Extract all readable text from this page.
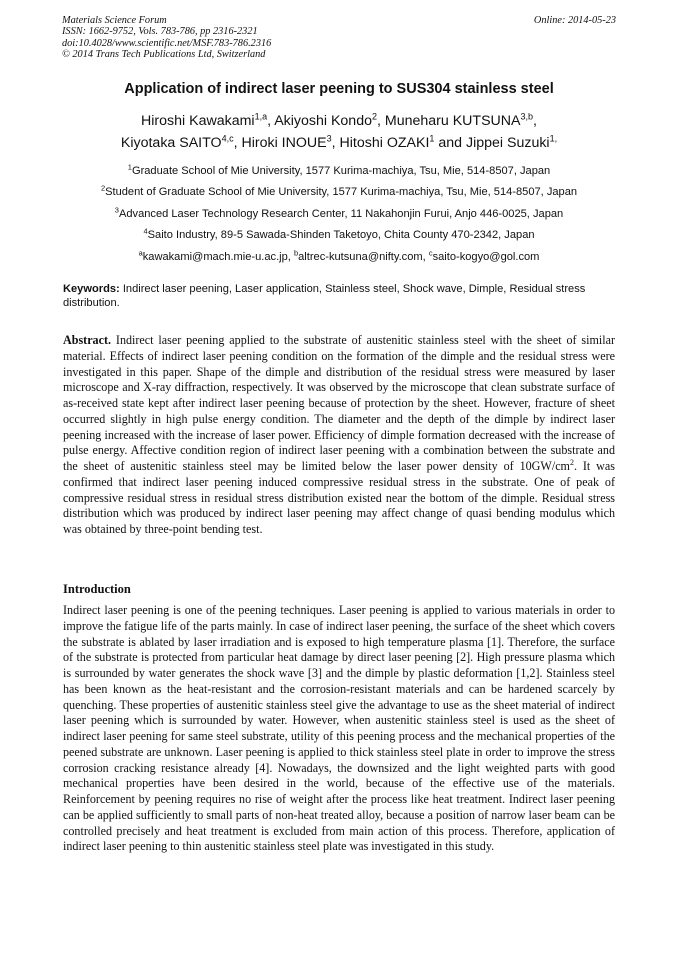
Materials Science Forum
ISSN: 1662-9752, Vols. 783-786, pp 2316-2321
doi:10.4028/www.scientific.net/MSF.783-786.2316
© 2014 Trans Tech Publications Ltd, Switzerland
Online: 2014-05-23
Application of indirect laser peening to SUS304 stainless steel
Hiroshi Kawakami$^{1,a}$, Akiyoshi Kondo$^2$, Muneharu KUTSUNA$^{3,b}$,
Kiyotaka SAITO$^{4,c}$, Hiroki INOUE$^3$, Hitoshi OZAKI$^1$ and Jippei Suzuki$^{1,}$
$^1$Graduate School of Mie University, 1577 Kurima-machiya, Tsu, Mie, 514-8507, Japan
$^2$Student of Graduate School of Mie University, 1577 Kurima-machiya, Tsu, Mie, 514-8507, Japan
$^3$Advanced Laser Technology Research Center, 11 Nakahonjin Furui, Anjo 446-0025, Japan
$^4$Saito Industry, 89-5 Sawada-Shinden Taketoyo, Chita County 470-2342, Japan
$^a$kawakami@mach.mie-u.ac.jp, $^b$altrec-kutsuna@nifty.com, $^c$saito-kogyo@gol.com
Keywords: Indirect laser peening, Laser application, Stainless steel, Shock wave, Dimple, Residual stress distribution.
Abstract. Indirect laser peening applied to the substrate of austenitic stainless steel with the sheet of similar material. Effects of indirect laser peening condition on the formation of the dimple and the residual stress were investigated in this paper. Shape of the dimple and distribution of the residual stress were measured by laser microscope and X-ray diffraction, respectively. It was observed by the microscope that clean substrate surface of as-received state kept after indirect laser peening because of protection by the sheet. However, fracture of sheet occurred slightly in high pulse energy condition. The diameter and the depth of the dimple by indirect laser peening increased with the increase of laser power. Efficiency of dimple formation decreased with the increase of pulse energy. Affective condition region of indirect laser peening with a combination between the substrate and the sheet of austenitic stainless steel may be limited below the laser power density of $10GW/cm^2$. It was confirmed that indirect laser peening induced compressive residual stress in the substrate. One of peak of compressive residual stress in residual stress distribution existed near the bottom of the dimple. Residual stress distribution which was produced by indirect laser peening may affect change of quasi bending modulus which was obtained by three-point bending test.
Introduction
Indirect laser peening is one of the peening techniques. Laser peening is applied to various materials in order to improve the fatigue life of the parts mainly. In case of indirect laser peening, the surface of the sheet which covers the substrate is ablated by laser irradiation and is exposed to high temperature plasma [1]. Therefore, the surface of the substrate is protected from particular heat damage by direct laser peening [2]. High pressure plasma which is surrounded by water generates the shock wave [3] and the dimple by plastic deformation [1,2]. Stainless steel has been known as the heat-resistant and the corrosion-resistant materials and can be hardened scarcely by quenching. These properties of austenitic stainless steel give the advantage to use as the sheet material of indirect laser peening which is surrounded by water. However, when austenitic stainless steel is used as the sheet of indirect laser peening for same steel substrate, utility of this peening process and the mechanical properties of the peened substrate are unknown. Laser peening is applied to thick stainless steel plate in order to improve the stress corrosion cracking resistance already [4]. Nowadays, the downsized and the light weighted parts with good mechanical properties have been desired in the world, because of the effective use of the materials. Reinforcement by peening requires no rise of weight after the process like heat treatment. Indirect laser peening can be applied sufficiently to small parts of non-heat treated alloy, because a position of narrow laser beam can be controlled precisely and heat treatment is excluded from main action of this process. Therefore, application of indirect laser peening to thin austenitic stainless steel plate was investigated in this study.
